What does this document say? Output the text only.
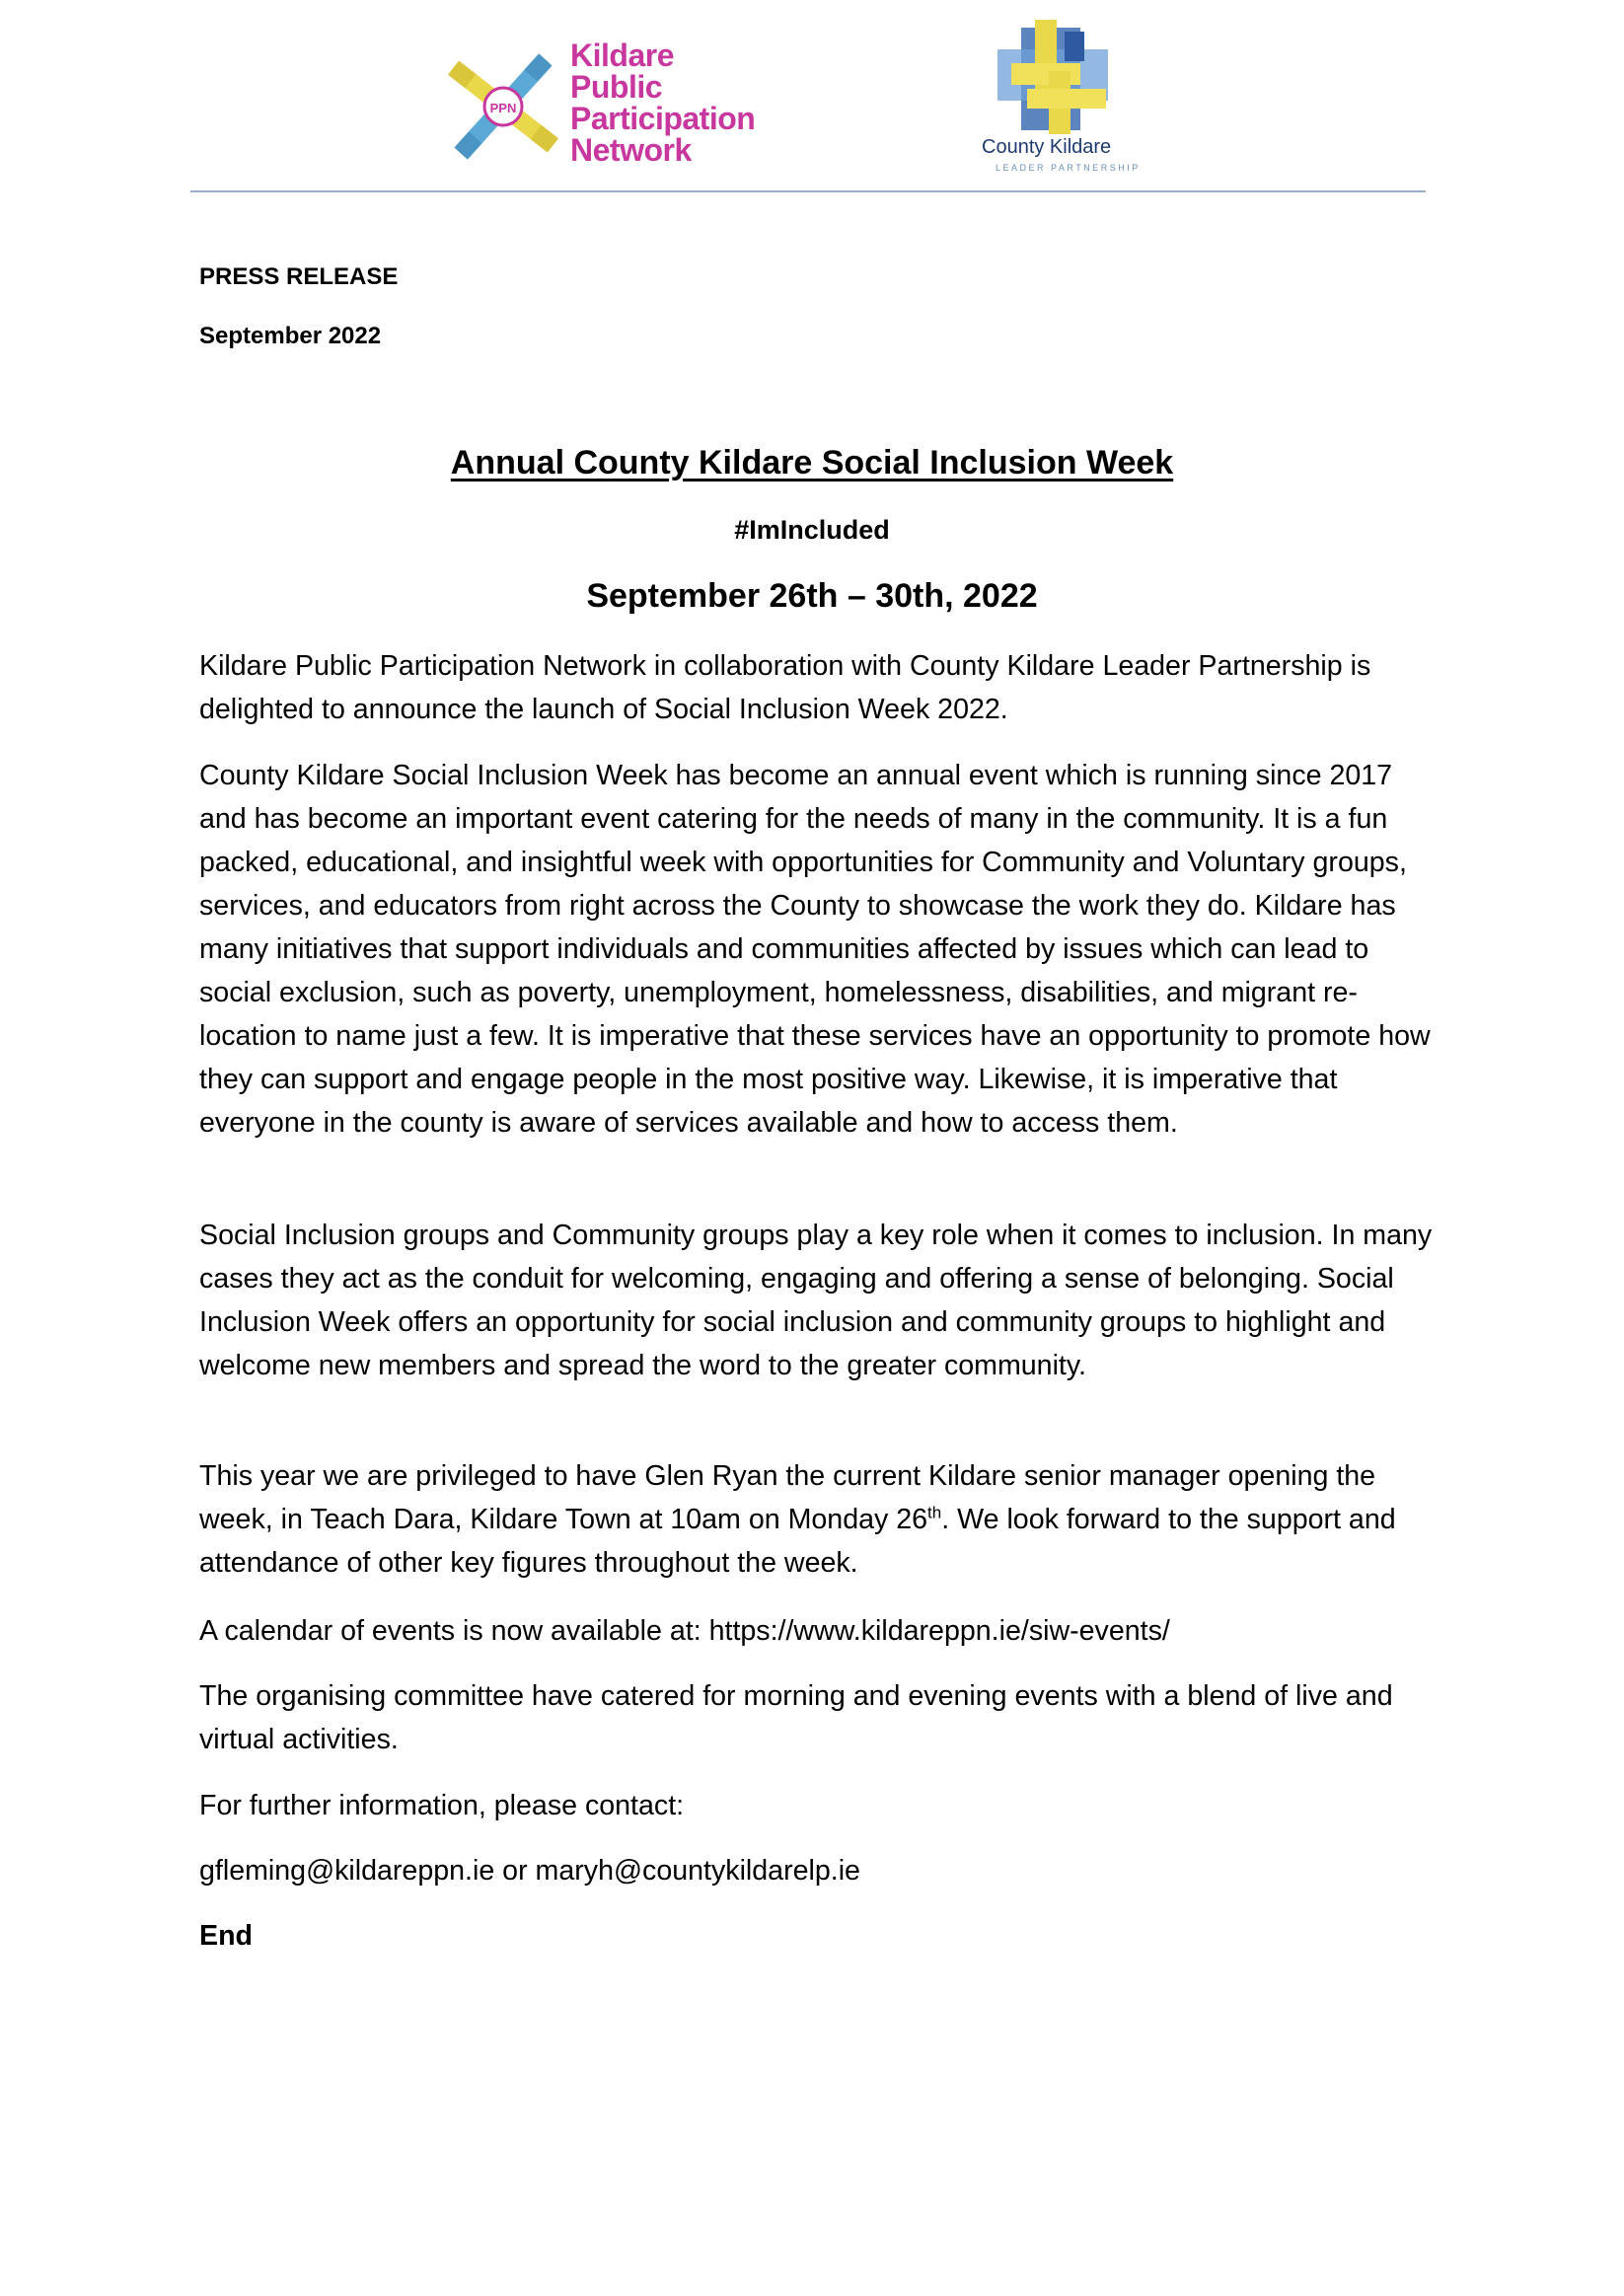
PPN
Kildare
Public
Participation
Network	County Kildare
LEADER PARTNERSHIP
PRESS RELEASE
September 2022
Annual County Kildare Social Inclusion Week
#ImIncluded
September 26th – 30th, 2022

Kildare Public Participation Network in collaboration with County Kildare Leader Partnership is delighted to announce the launch of Social Inclusion Week 2022.

County Kildare Social Inclusion Week has become an annual event which is running since 2017 and has become an important event catering for the needs of many in the community. It is a fun packed, educational, and insightful week with opportunities for Community and Voluntary groups, services, and educators from right across the County to showcase the work they do. Kildare has many initiatives that support individuals and communities affected by issues which can lead to social exclusion, such as poverty, unemployment, homelessness, disabilities, and migrant re-location to name just a few. It is imperative that these services have an opportunity to promote how they can support and engage people in the most positive way. Likewise, it is imperative that everyone in the county is aware of services available and how to access them.

Social Inclusion groups and Community groups play a key role when it comes to inclusion. In many cases they act as the conduit for welcoming, engaging and offering a sense of belonging. Social Inclusion Week offers an opportunity for social inclusion and community groups to highlight and welcome new members and spread the word to the greater community.

This year we are privileged to have Glen Ryan the current Kildare senior manager opening the week, in Teach Dara, Kildare Town at 10am on Monday 26th. We look forward to the support and attendance of other key figures throughout the week.

A calendar of events is now available at: https://www.kildareppn.ie/siw-events/

The organising committee have catered for morning and evening events with a blend of live and virtual activities.

For further information, please contact:

gfleming@kildareppn.ie or maryh@countykildarelp.ie

End
